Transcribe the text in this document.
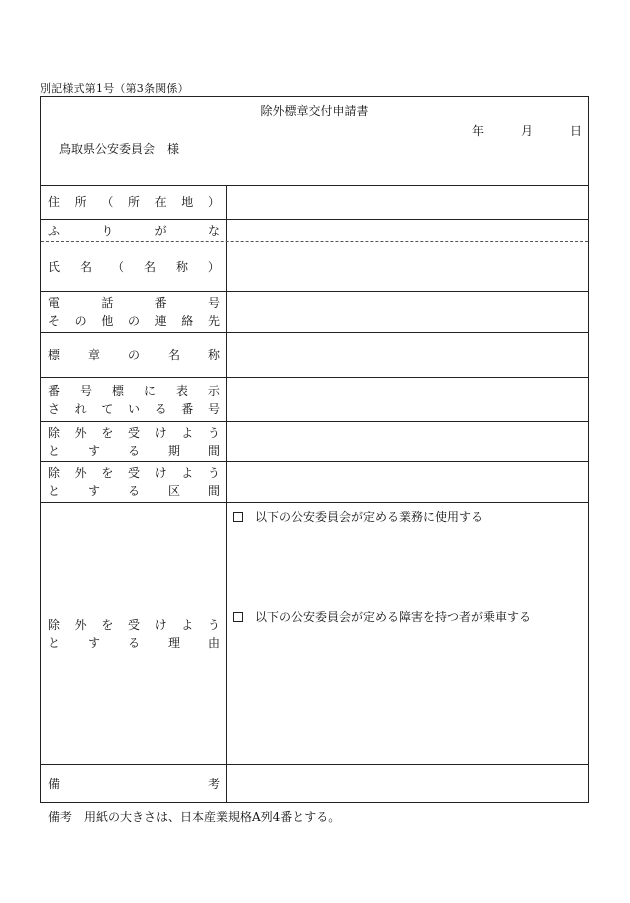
別記様式第1号（第3条関係）
除外標章交付申請書
年	月	日
鳥取県公安委員会　様
住 所 （ 所 在 地 ）
ふ	り	が	な
氏 名 （ 名 称 ）
電	話	番	号
そ の 他 の 連 絡 先
標 章 の 名 称
番 号 標 に 表 示
さ れ て い る 番 号
除 外 を 受 け よ う
と す る 期 間
除 外 を 受 け よ う
と す る 区 間
除 外 を 受 け よ う
と す る 理 由
以下の公安委員会が定める業務に使用する
以下の公安委員会が定める障害を持つ者が乗車する
備	考
備考　用紙の大きさは、日本産業規格A列4番とする。
